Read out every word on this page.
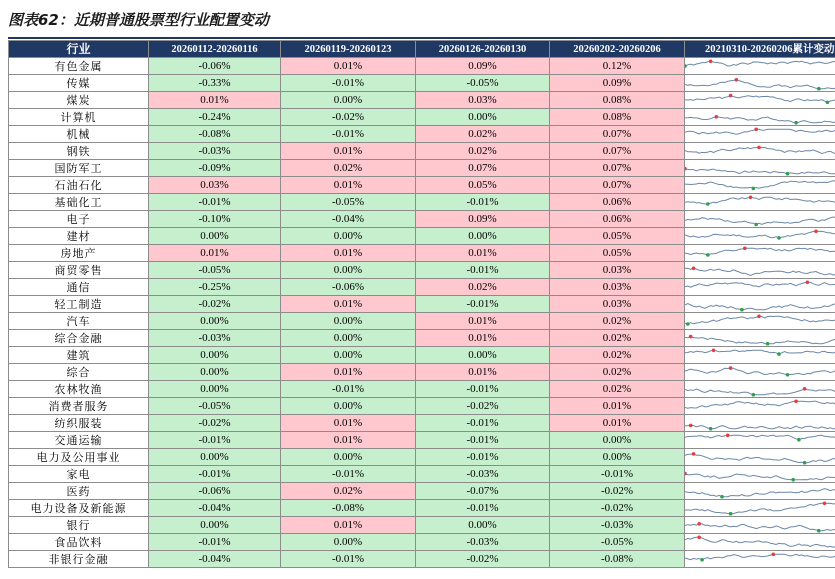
图表62：近期普通股票型行业配置变动
行业	20260112-20260116	20260119-20260123	20260126-20260130	20260202-20260206	20210310-20260206累计变动
有色金属	-0.06%	0.01%	0.09%	0.12%	

传媒	-0.33%	-0.01%	-0.05%	0.09%	

煤炭	0.01%	0.00%	0.03%	0.08%	

计算机	-0.24%	-0.02%	0.00%	0.08%	

机械	-0.08%	-0.01%	0.02%	0.07%	

钢铁	-0.03%	0.01%	0.02%	0.07%	

国防军工	-0.09%	0.02%	0.07%	0.07%	

石油石化	0.03%	0.01%	0.05%	0.07%	

基础化工	-0.01%	-0.05%	-0.01%	0.06%	

电子	-0.10%	-0.04%	0.09%	0.06%	

建材	0.00%	0.00%	0.00%	0.05%	

房地产	0.01%	0.01%	0.01%	0.05%	

商贸零售	-0.05%	0.00%	-0.01%	0.03%	

通信	-0.25%	-0.06%	0.02%	0.03%	

轻工制造	-0.02%	0.01%	-0.01%	0.03%	

汽车	0.00%	0.00%	0.01%	0.02%	

综合金融	-0.03%	0.00%	0.01%	0.02%	

建筑	0.00%	0.00%	0.00%	0.02%	

综合	0.00%	0.01%	0.01%	0.02%	

农林牧渔	0.00%	-0.01%	-0.01%	0.02%	

消费者服务	-0.05%	0.00%	-0.02%	0.01%	

纺织服装	-0.02%	0.01%	-0.01%	0.01%	

交通运输	-0.01%	0.01%	-0.01%	0.00%	

电力及公用事业	0.00%	0.00%	-0.01%	0.00%	

家电	-0.01%	-0.01%	-0.03%	-0.01%	

医药	-0.06%	0.02%	-0.07%	-0.02%	

电力设备及新能源	-0.04%	-0.08%	-0.01%	-0.02%	

银行	0.00%	0.01%	0.00%	-0.03%	

食品饮料	-0.01%	0.00%	-0.03%	-0.05%	

非银行金融	-0.04%	-0.01%	-0.02%	-0.08%	
